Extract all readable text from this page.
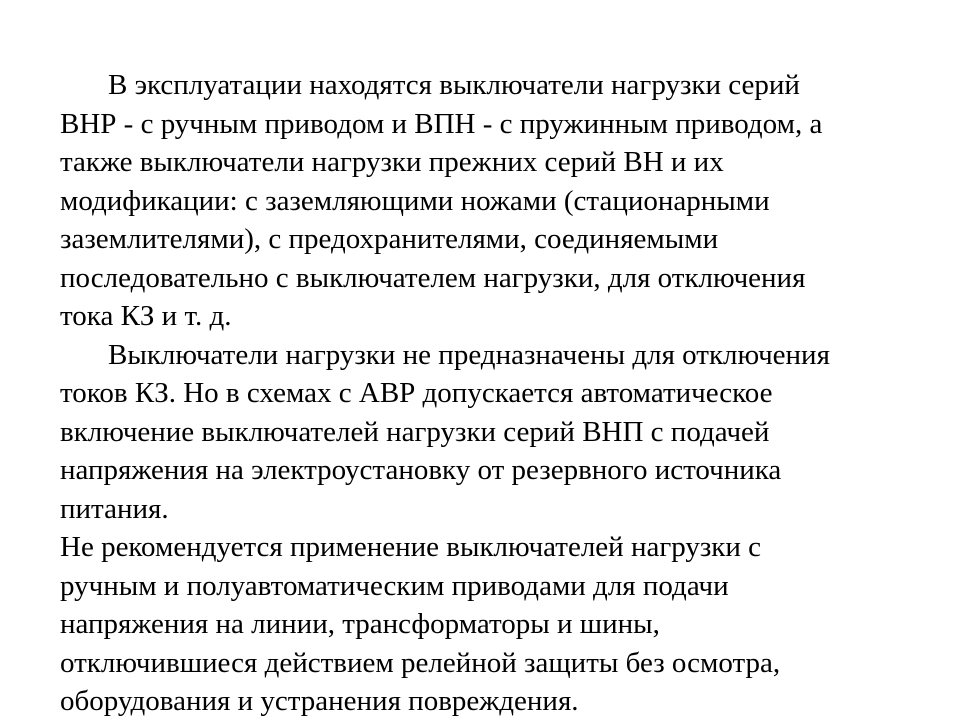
В эксплуатации находятся выключатели нагрузки серий
ВНР - с ручным приводом и ВПН - с пружинным приводом, а
также выключатели нагрузки прежних серий ВН и их
модификации: с заземляющими ножами (стационарными
заземлителями), с предохранителями, соединяемыми
последовательно с выключателем нагрузки, для отключения
тока КЗ и т. д.
Выключатели нагрузки не предназначены для отключения
токов КЗ. Но в схемах с АВР допускается автоматическое
включение выключателей нагрузки серий ВНП с подачей
напряжения на электроустановку от резервного источника
питания.
Не рекомендуется применение выключателей нагрузки с
ручным и полуавтоматическим приводами для подачи
напряжения на линии, трансформаторы и шины,
отключившиеся действием релейной защиты без осмотра,
оборудования и устранения повреждения.
